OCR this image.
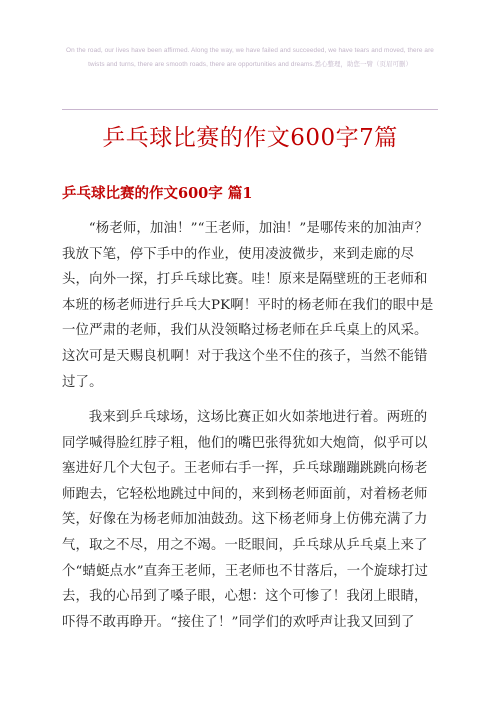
On the road, our lives have been affirmed. Along the way, we have failed and succeeded, we have tears and moved, there are twists and turns, there are smooth roads, there are opportunities and dreams.悉心整理，助您一臂（页眉可删）
乒乓球比赛的作文600字7篇
乒乓球比赛的作文600字 篇1

“杨老师，加油！”“王老师，加油！”是哪传来的加油声？我放下笔，停下手中的作业，使用凌波微步，来到走廊的尽头，向外一探，打乒乓球比赛。哇！原来是隔壁班的王老师和本班的杨老师进行乒乓大PK啊！平时的杨老师在我们的眼中是一位严肃的老师，我们从没领略过杨老师在乒乓桌上的风采。这次可是天赐良机啊！对于我这个坐不住的孩子，当然不能错过了。

我来到乒乓球场，这场比赛正如火如荼地进行着。两班的同学喊得脸红脖子粗，他们的嘴巴张得犹如大炮筒，似乎可以塞进好几个大包子。王老师右手一挥，乒乓球蹦蹦跳跳向杨老师跑去，它轻松地跳过中间的，来到杨老师面前，对着杨老师笑，好像在为杨老师加油鼓劲。这下杨老师身上仿佛充满了力气，取之不尽，用之不竭。一眨眼间，乒乓球从乒乓桌上来了个“蜻蜓点水”直奔王老师，王老师也不甘落后，一个旋球打过去，我的心吊到了嗓子眼，心想：这个可惨了！我闭上眼睛，吓得不敢再睁开。“接住了！”同学们的欢呼声让我又回到了
